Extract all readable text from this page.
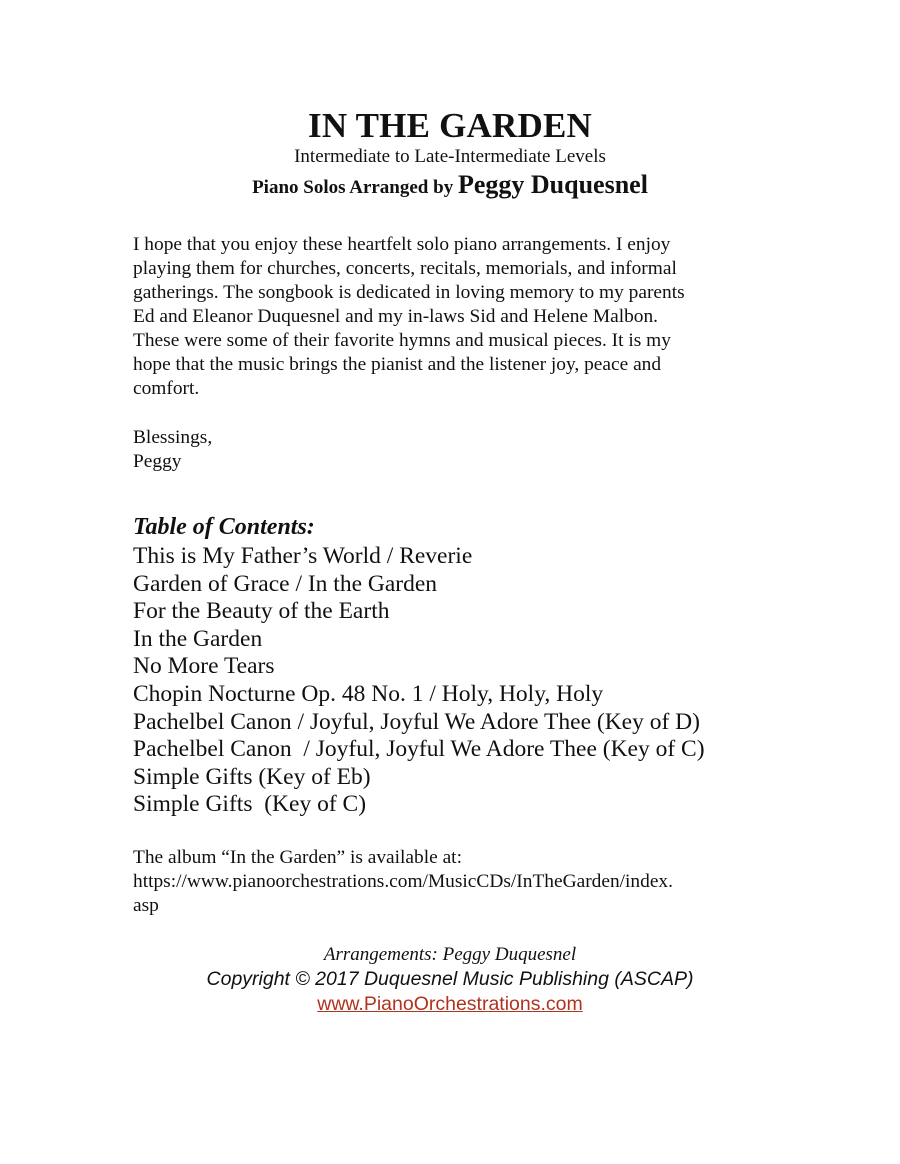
IN THE GARDEN
Intermediate to Late-Intermediate Levels
Piano Solos Arranged by Peggy Duquesnel
I hope that you enjoy these heartfelt solo piano arrangements. I enjoy
playing them for churches, concerts, recitals, memorials, and informal
gatherings. The songbook is dedicated in loving memory to my parents
Ed and Eleanor Duquesnel and my in-laws Sid and Helene Malbon.
These were some of their favorite hymns and musical pieces. It is my
hope that the music brings the pianist and the listener joy, peace and
comfort.
Blessings,
Peggy
Table of Contents:
This is My Father’s World / Reverie
Garden of Grace / In the Garden
For the Beauty of the Earth
In the Garden
No More Tears
Chopin Nocturne Op. 48 No. 1 / Holy, Holy, Holy
Pachelbel Canon / Joyful, Joyful We Adore Thee (Key of D)
Pachelbel Canon  / Joyful, Joyful We Adore Thee (Key of C)
Simple Gifts (Key of Eb)
Simple Gifts  (Key of C)
The album “In the Garden” is available at:
https://www.pianoorchestrations.com/MusicCDs/InTheGarden/index.
asp
Arrangements: Peggy Duquesnel
Copyright © 2017 Duquesnel Music Publishing (ASCAP)
www.PianoOrchestrations.com
